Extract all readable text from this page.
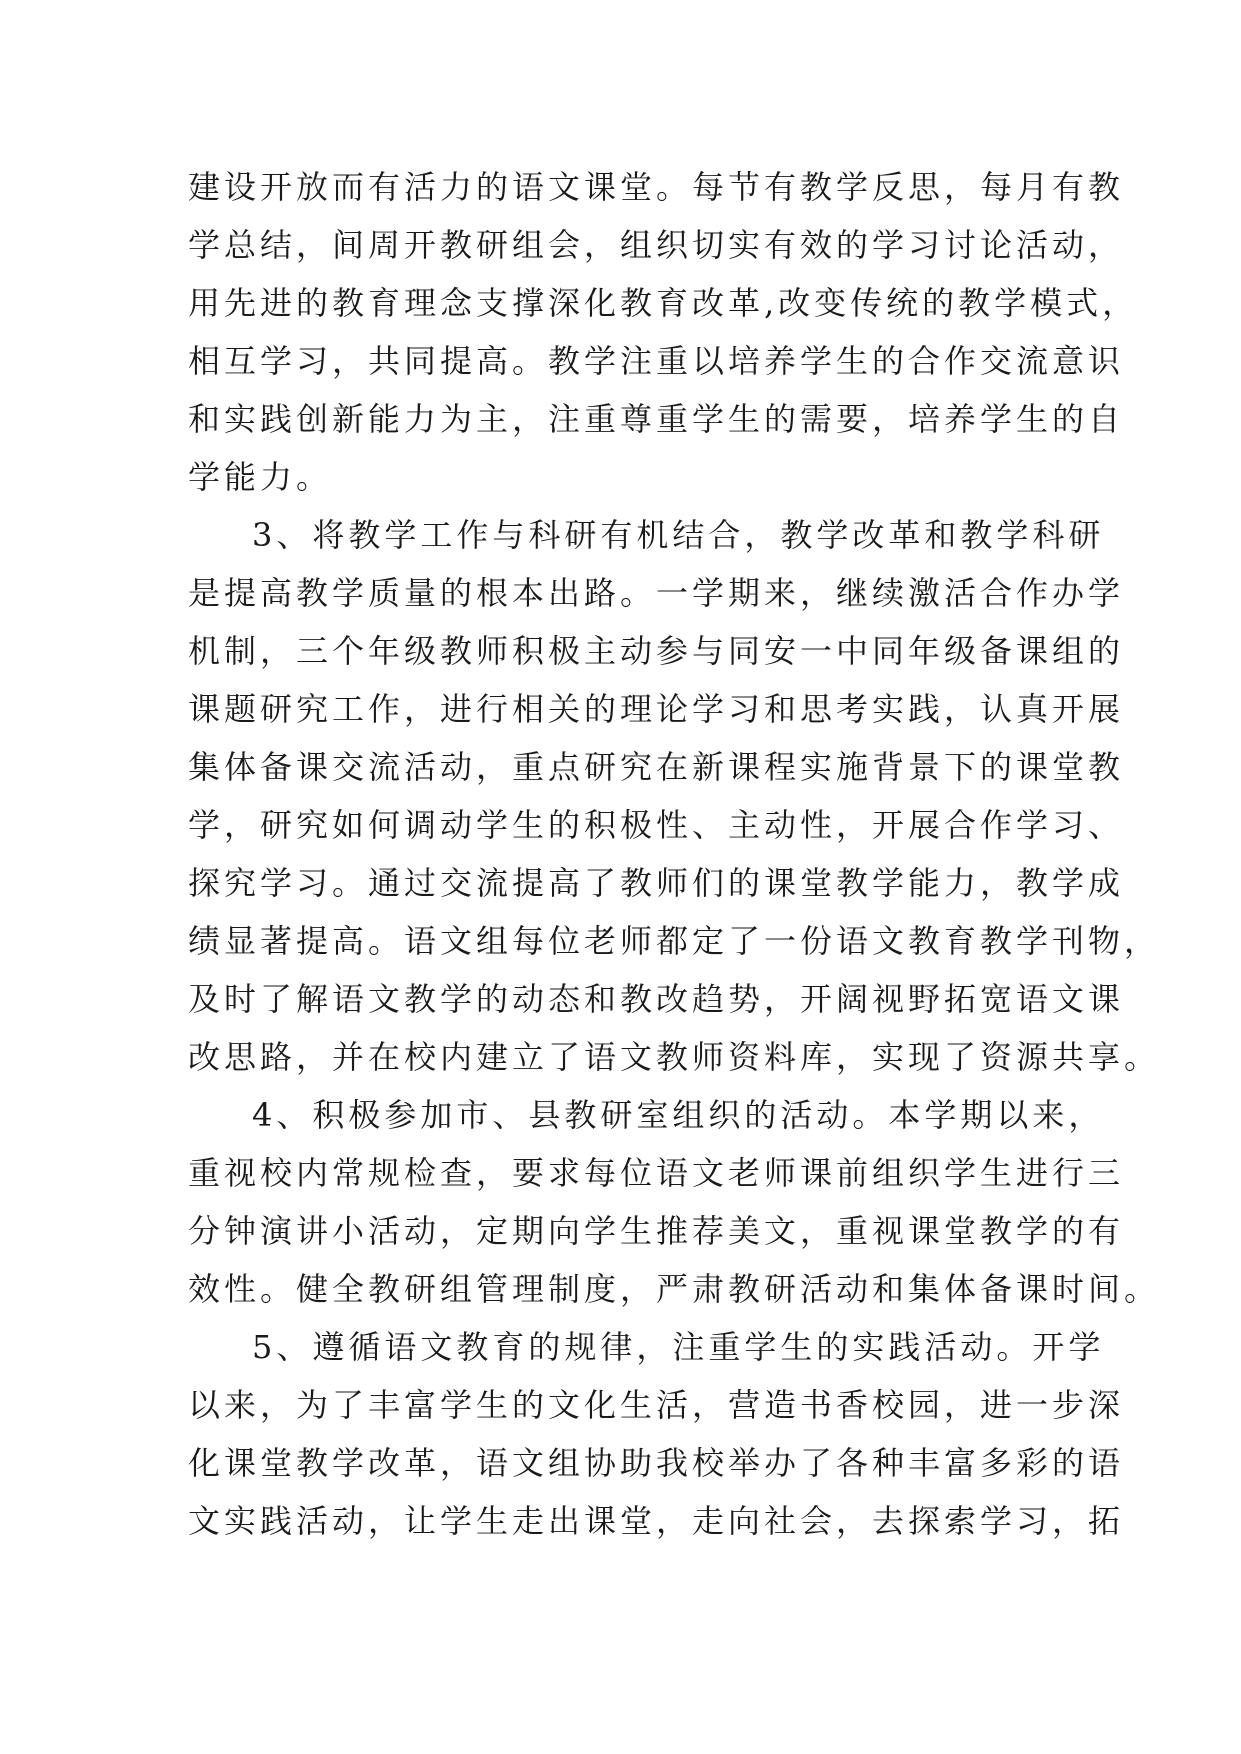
建设开放而有活力的语文课堂。每节有教学反思，每月有教
学总结，间周开教研组会，组织切实有效的学习讨论活动，
用先进的教育理念支撑深化教育改革,改变传统的教学模式，
相互学习，共同提高。教学注重以培养学生的合作交流意识
和实践创新能力为主，注重尊重学生的需要，培养学生的自
学能力。
3、将教学工作与科研有机结合，教学改革和教学科研
是提高教学质量的根本出路。一学期来，继续激活合作办学
机制，三个年级教师积极主动参与同安一中同年级备课组的
课题研究工作，进行相关的理论学习和思考实践，认真开展
集体备课交流活动，重点研究在新课程实施背景下的课堂教
学，研究如何调动学生的积极性、主动性，开展合作学习、
探究学习。通过交流提高了教师们的课堂教学能力，教学成
绩显著提高。语文组每位老师都定了一份语文教育教学刊物，
及时了解语文教学的动态和教改趋势，开阔视野拓宽语文课
改思路，并在校内建立了语文教师资料库，实现了资源共享。
4、积极参加市、县教研室组织的活动。本学期以来，
重视校内常规检查，要求每位语文老师课前组织学生进行三
分钟演讲小活动，定期向学生推荐美文，重视课堂教学的有
效性。健全教研组管理制度，严肃教研活动和集体备课时间。
5、遵循语文教育的规律，注重学生的实践活动。开学
以来，为了丰富学生的文化生活，营造书香校园，进一步深
化课堂教学改革，语文组协助我校举办了各种丰富多彩的语
文实践活动，让学生走出课堂，走向社会，去探索学习，拓
